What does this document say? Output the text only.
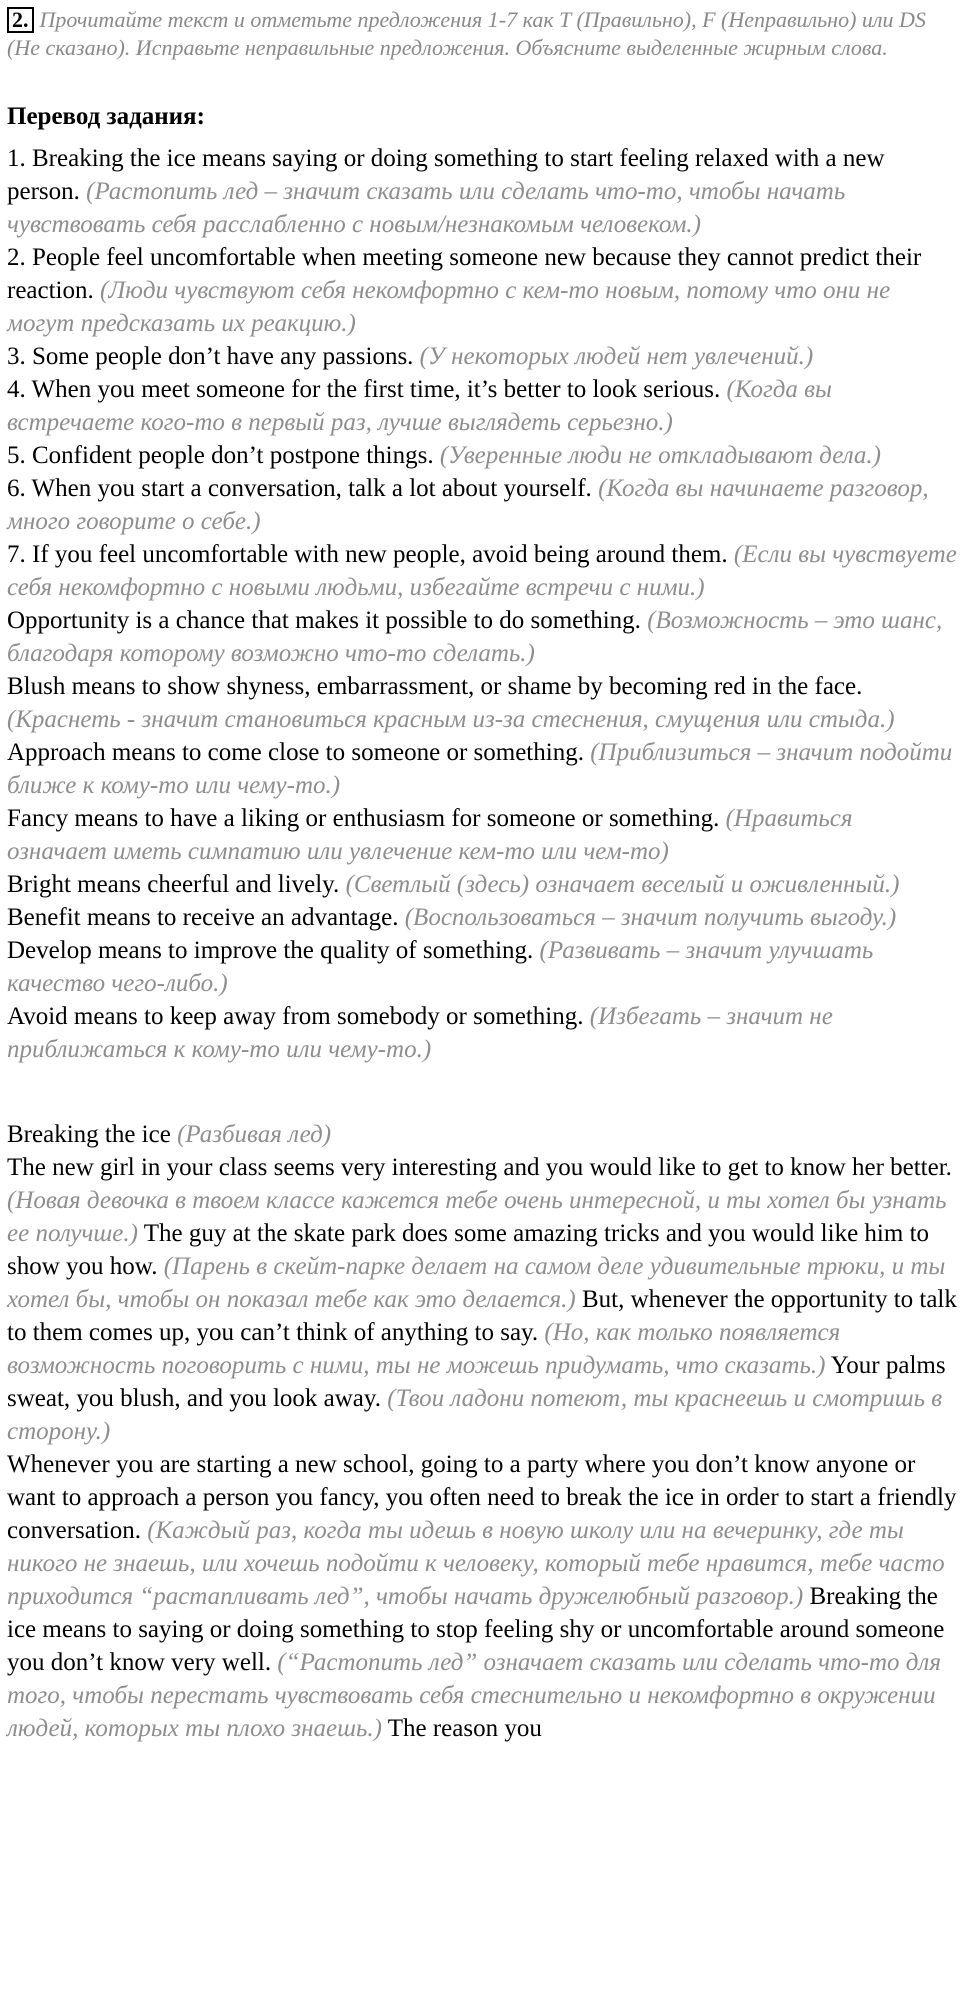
2. Прочитайте текст и отметьте предложения 1-7 как T (Правильно), F (Неправильно) или DS (Не сказано). Исправьте неправильные предложения. Объясните выделенные жирным слова.
Перевод задания:
1. Breaking the ice means saying or doing something to start feeling relaxed with a new person. (Растопить лед – значит сказать или сделать что-то, чтобы начать чувствовать себя расслабленно с новым/незнакомым человеком.)
2. People feel uncomfortable when meeting someone new because they cannot predict their reaction. (Люди чувствуют себя некомфортно с кем-то новым, потому что они не могут предсказать их реакцию.)
3. Some people don’t have any passions. (У некоторых людей нет увлечений.)
4. When you meet someone for the first time, it’s better to look serious. (Когда вы встречаете кого-то в первый раз, лучше выглядеть серьезно.)
5. Confident people don’t postpone things. (Уверенные люди не откладывают дела.)
6. When you start a conversation, talk a lot about yourself. (Когда вы начинаете разговор, много говорите о себе.)
7. If you feel uncomfortable with new people, avoid being around them. (Если вы чувствуете себя некомфортно с новыми людьми, избегайте встречи с ними.)
Opportunity is a chance that makes it possible to do something. (Возможность – это шанс, благодаря которому возможно что-то сделать.)
Blush means to show shyness, embarrassment, or shame by becoming red in the face. (Краснеть - значит становиться красным из-за стеснения, смущения или стыда.)
Approach means to come close to someone or something. (Приблизиться – значит подойти ближе к кому-то или чему-то.)
Fancy means to have a liking or enthusiasm for someone or something. (Нравиться означает иметь симпатию или увлечение кем-то или чем-то)
Bright means cheerful and lively. (Светлый (здесь) означает веселый и оживленный.)
Benefit means to receive an advantage. (Воспользоваться – значит получить выгоду.)
Develop means to improve the quality of something. (Развивать – значит улучшать качество чего-либо.)
Avoid means to keep away from somebody or something. (Избегать – значит не приближаться к кому-то или чему-то.)
Breaking the ice (Разбивая лед)
The new girl in your class seems very interesting and you would like to get to know her better. (Новая девочка в твоем классе кажется тебе очень интересной, и ты хотел бы узнать ее получше.) The guy at the skate park does some amazing tricks and you would like him to show you how. (Парень в скейт-парке делает на самом деле удивительные трюки, и ты хотел бы, чтобы он показал тебе как это делается.) But, whenever the opportunity to talk to them comes up, you can’t think of anything to say. (Но, как только появляется возможность поговорить с ними, ты не можешь придумать, что сказать.) Your palms sweat, you blush, and you look away. (Твои ладони потеют, ты краснеешь и смотришь в сторону.)
Whenever you are starting a new school, going to a party where you don’t know anyone or want to approach a person you fancy, you often need to break the ice in order to start a friendly conversation. (Каждый раз, когда ты идешь в новую школу или на вечеринку, где ты никого не знаешь, или хочешь подойти к человеку, который тебе нравится, тебе часто приходится “растапливать лед”, чтобы начать дружелюбный разговор.) Breaking the ice means to saying or doing something to stop feeling shy or uncomfortable around someone you don’t know very well. (“Растопить лед” означает сказать или сделать что-то для того, чтобы перестать чувствовать себя стеснительно и некомфортно в окружении людей, которых ты плохо знаешь.) The reason you
